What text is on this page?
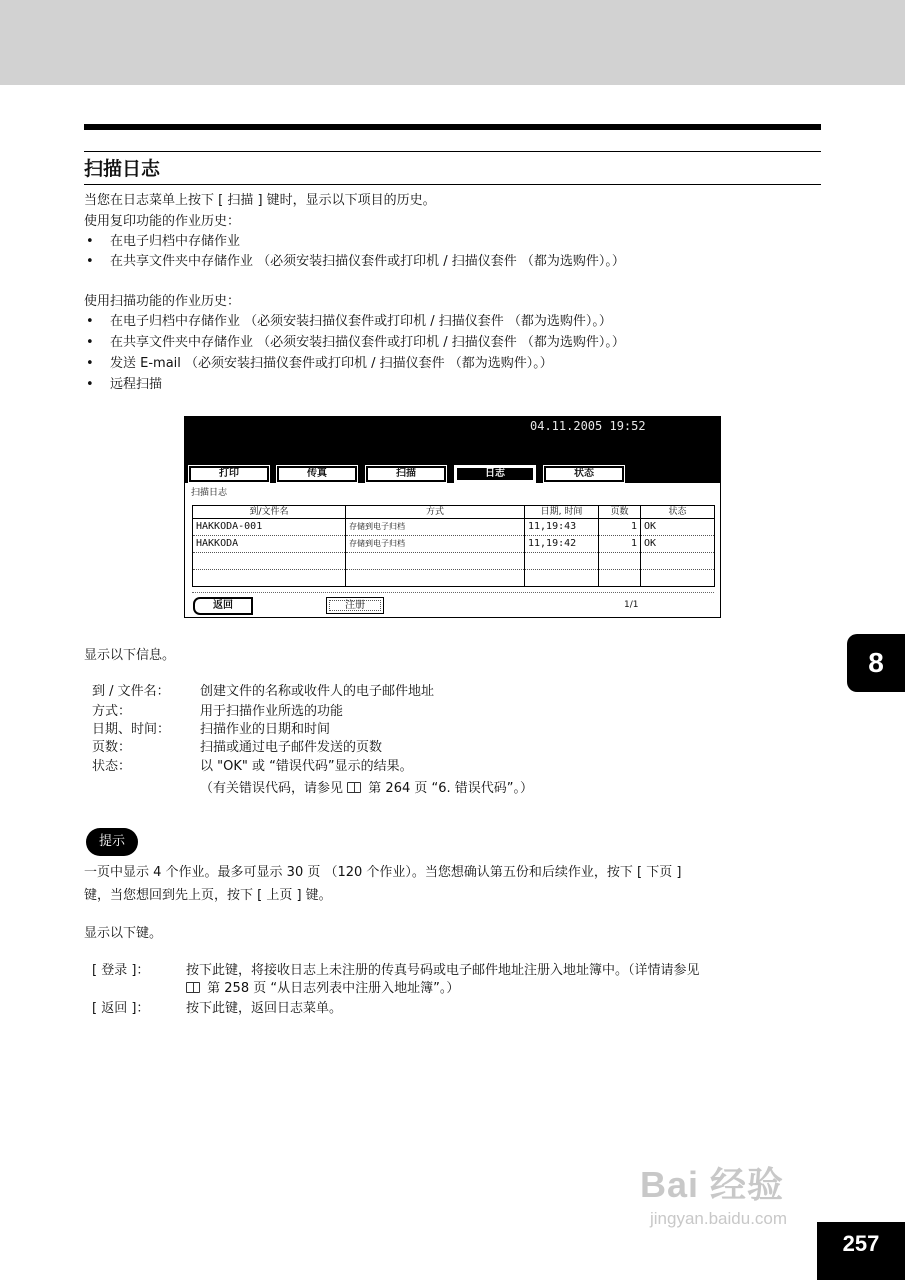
扫描日志
当您在日志菜单上按下 [ 扫描 ] 键时，显示以下项目的历史。
使用复印功能的作业历史：
• 在电子归档中存储作业
• 在共享文件夹中存储作业 （必须安装扫描仪套件或打印机 / 扫描仪套件 （都为选购件）。）
使用扫描功能的作业历史：
• 在电子归档中存储作业 （必须安装扫描仪套件或打印机 / 扫描仪套件 （都为选购件）。）
• 在共享文件夹中存储作业 （必须安装扫描仪套件或打印机 / 扫描仪套件 （都为选购件）。）
• 发送 E-mail （必须安装扫描仪套件或打印机 / 扫描仪套件 （都为选购件）。）
• 远程扫描
04.11.2005 19:52
打印	传真	扫描	日志	状态
扫描日志
到/文件名	方式	日期, 时间	页数	状态
HAKKODA-001	存储到电子归档	11,19:43	1	OK
HAKKODA	存储到电子归档	11,19:42	1	OK

返回	注册	1/1
显示以下信息。
到 / 文件名： 创建文件的名称或收件人的电子邮件地址
方式：	用于扫描作业所选的功能
日期、时间： 扫描作业的日期和时间
页数：	扫描或通过电子邮件发送的页数
状态：	以 "OK" 或 “错误代码”显示的结果。
（有关错误代码，请参见 第 264 页 “6. 错误代码”。）
提示
一页中显示 4 个作业。最多可显示 30 页 （120 个作业）。当您想确认第五份和后续作业，按下 [ 下页 ]
键，当您想回到先上页，按下 [ 上页 ] 键。
显示以下键。
[ 登录 ]：	按下此键，将接收日志上未注册的传真号码或电子邮件地址注册入地址簿中。（详情请参见
第 258 页 “从日志列表中注册入地址簿”。）
[ 返回 ]：	按下此键，返回日志菜单。
8
Bai 经验
jingyan.baidu.com
257
